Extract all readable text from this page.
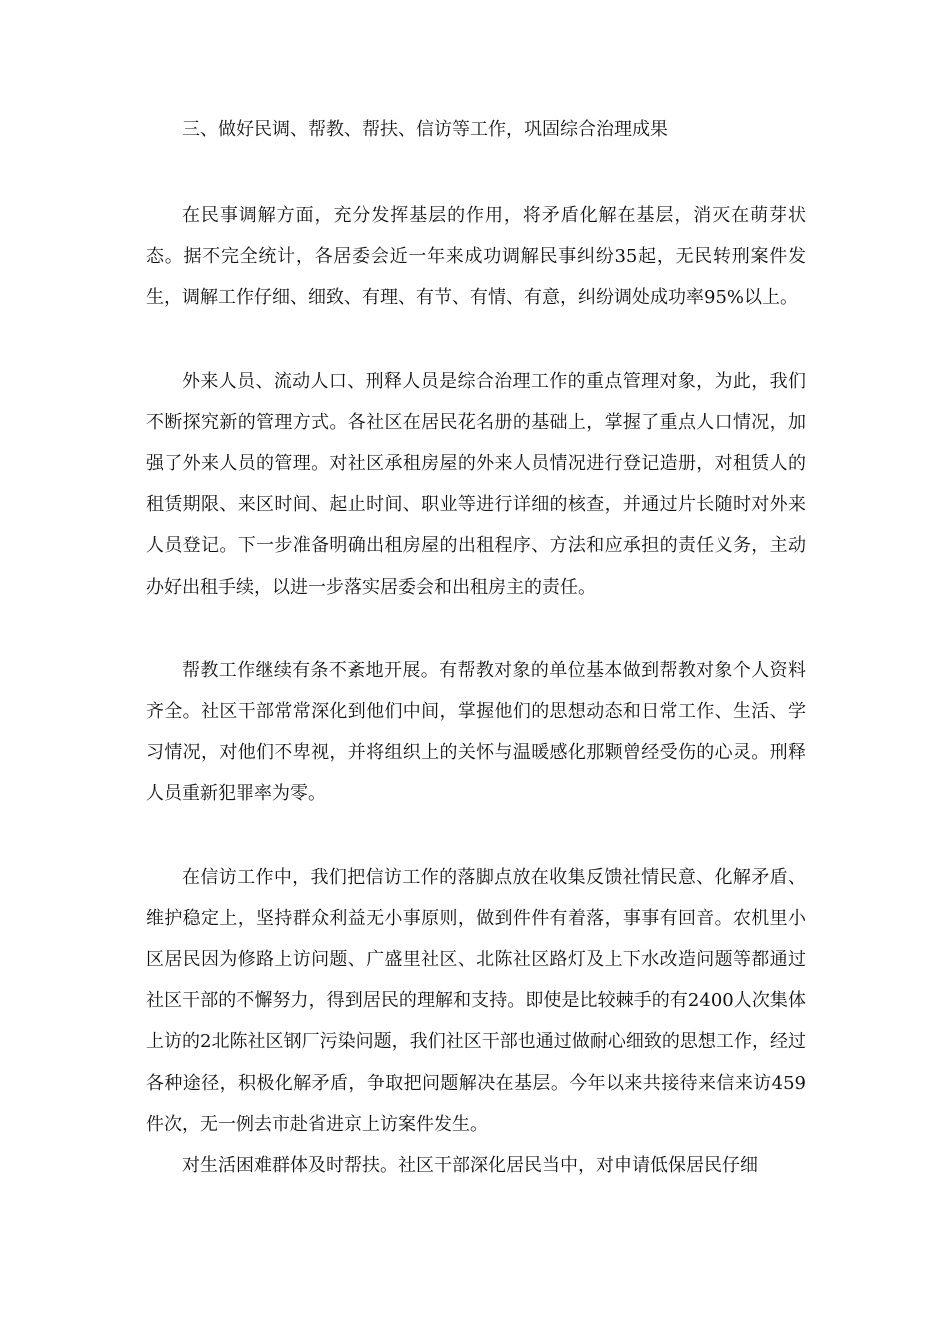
三、做好民调、帮教、帮扶、信访等工作，巩固综合治理成果

在民事调解方面，充分发挥基层的作用，将矛盾化解在基层，消灭在萌芽状态。据不完全统计，各居委会近一年来成功调解民事纠纷35起，无民转刑案件发生，调解工作仔细、细致、有理、有节、有情、有意，纠纷调处成功率95%以上。

外来人员、流动人口、刑释人员是综合治理工作的重点管理对象，为此，我们不断探究新的管理方式。各社区在居民花名册的基础上，掌握了重点人口情况，加强了外来人员的管理。对社区承租房屋的外来人员情况进行登记造册，对租赁人的租赁期限、来区时间、起止时间、职业等进行详细的核查，并通过片长随时对外来人员登记。下一步准备明确出租房屋的出租程序、方法和应承担的责任义务，主动办好出租手续，以进一步落实居委会和出租房主的责任。

帮教工作继续有条不紊地开展。有帮教对象的单位基本做到帮教对象个人资料齐全。社区干部常常深化到他们中间，掌握他们的思想动态和日常工作、生活、学习情况，对他们不卑视，并将组织上的关怀与温暖感化那颗曾经受伤的心灵。刑释人员重新犯罪率为零。

在信访工作中，我们把信访工作的落脚点放在收集反馈社情民意、化解矛盾、维护稳定上，坚持群众利益无小事原则，做到件件有着落，事事有回音。农机里小区居民因为修路上访问题、广盛里社区、北陈社区路灯及上下水改造问题等都通过社区干部的不懈努力，得到居民的理解和支持。即使是比较棘手的有2400人次集体上访的2北陈社区钢厂污染问题，我们社区干部也通过做耐心细致的思想工作，经过各种途径，积极化解矛盾，争取把问题解决在基层。今年以来共接待来信来访459件次，无一例去市赴省进京上访案件发生。

对生活困难群体及时帮扶。社区干部深化居民当中，对申请低保居民仔细
